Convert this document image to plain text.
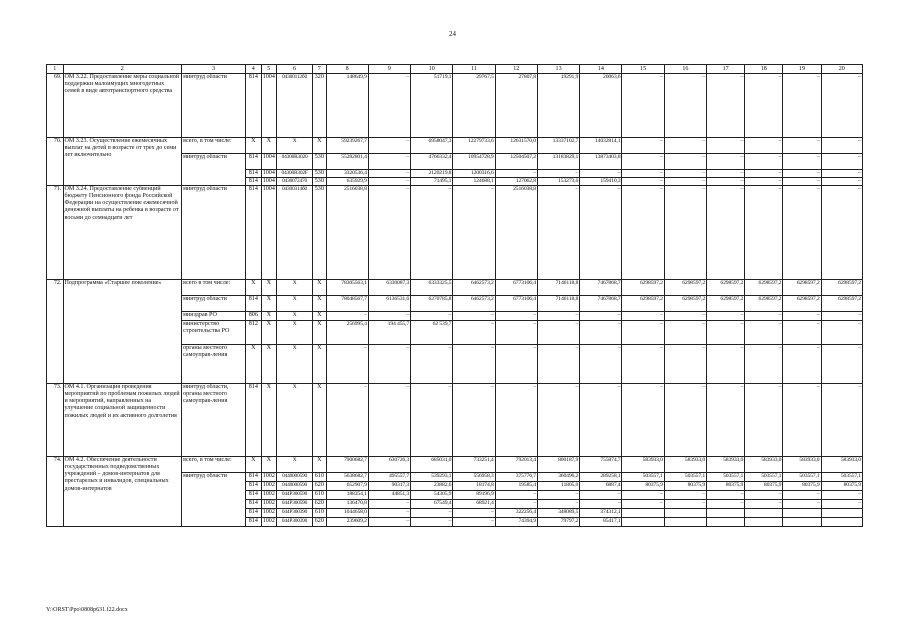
24
1	2	3	4	5	6	7	8	9	10	11	12	13	14	15	16	17	18	19	20
69.	ОМ 3.22. Предоставление меры социальной поддержки малоимущих многодетных семей в виде автотранспортного средства	минтруд области	814	1004	04300112б0	320	148649,9	–	51719,1	29767,5	27807,8	19291,9	20063,6	–	–	–	–	–	–
70.	ОМ 3.23. Осуществление ежемесячных выплат на детей в возрасте от трех до семи лет включительно	всего, в том числе:	X	X	X	X	59239267,7	–	6958047,3	12279733,6	12631570,0	13337102,7	14032814,1	–	–	–	–	–	–
		минтруд области	814	1004	04300R3020	530	55282801,4	–	4766332,4	10954728,9	12504507,2	13183829,1	13873403,8	–	–	–	–	–	–
			814	1004	04300R302F	530	3320536,4	–	2120219,8	1200316,6	–	–	–	–	–	–	–	–	–
			814	1004	0430072470	530	635929,9	–	71495,1	124688,1	127062,8	153273,6	159410,3	–	–	–	–	–	–
71.	ОМ 3.24. Предоставление субвенций бюджету Пенсионного фонда Российской Федерации на осуществление ежемесячной денежной выплаты на ребенка в возрасте от восьми до семнадцати лет	минтруд области	814	1004	04300314б0	530	2516038,8	–	–	–	2516038,8	–	–	–	–	–	–	–	–
72.	Подпрограмма «Старшее поколение»	всего в том числе:	X	X	X	X	78305563,1	6330087,3	6333325,5	6462573,2	6773106,4	7146118,8	7467868,7	6298597,2	6298597,2	6298597,2	6298597,2	6298597,2	6298597,2
		минтруд области	814	X	X	X	78048567,7	6136531,6	6270785,8	6462573,2	6773106,4	7146118,8	7467868,7	6298597,2	6298597,2	6298597,2	6298597,2	6298597,2	6298597,2
		минздрав РО	806	X	X	X	–	–	–	–	–	–	–	–	–	–	–	–	–
		министерство строительства РО	812	X	X	X	256995,4	194 455,7	62 539,7	–	–	–	–	–	–	–	–	–	–
		органы местного самоуправ-ления	X	X	X	X	–	–	–	–	–	–	–	–	–	–	–	–	–
73.	ОМ 4.1. Организация проведения мероприятий по проблемам пожилых людей и мероприятий, направленных на улучшение социальной защищенности пожилых людей и их активного долголетия	минтруд области, органы местного самоуправ-ления	814	X	X	X	–	–	–	–	–	–	–	–	–	–	–	–	–
74.	ОМ 4.2. Обеспечение деятельности государственных подведомственных учреждений – домов-интернатов для престарелых и инвалидов, специальных домов-интернатов	всего, в том числе:	X	X	X	X	7900682,7	630726,3	685031,0	733251,4	792013,4	800187,9	755874,7	583933,0	583933,0	583933,0	583933,0	583933,0	583933,0
		минтруд области	814	1002	0440000590	610	5638682,7	495557,7	539293,1	556958,3	375776,7	360496,2	289258,1	503557,1	503557,1	503557,1	503557,1	503557,1	503557,1
			814	1002	0440000590	620	652907,9	90317,3	23882,6	18174,8	19585,4	11805,0	6887,4	80375,9	80375,9	80375,9	80375,9	80375,9	80375,9
			814	1002	044P300590	610	188354,1	44851,3	54305,9	89196,9	–	–	–	–	–	–	–	–	–
			814	1002	044P300590	620	136470,8	–	67549,4	68921,4	–	–	–	–	–	–	–	–	–
			814	1002	044P300390	610	1044658,0	–	–	–	322256,4	348089,5	374312,1						
			814	1002	044P300390	620	239609,2	–	–	–	74394,9	79797,2	85417,1						
Y:\ORST\Ppo\0808p631.f22.docx
